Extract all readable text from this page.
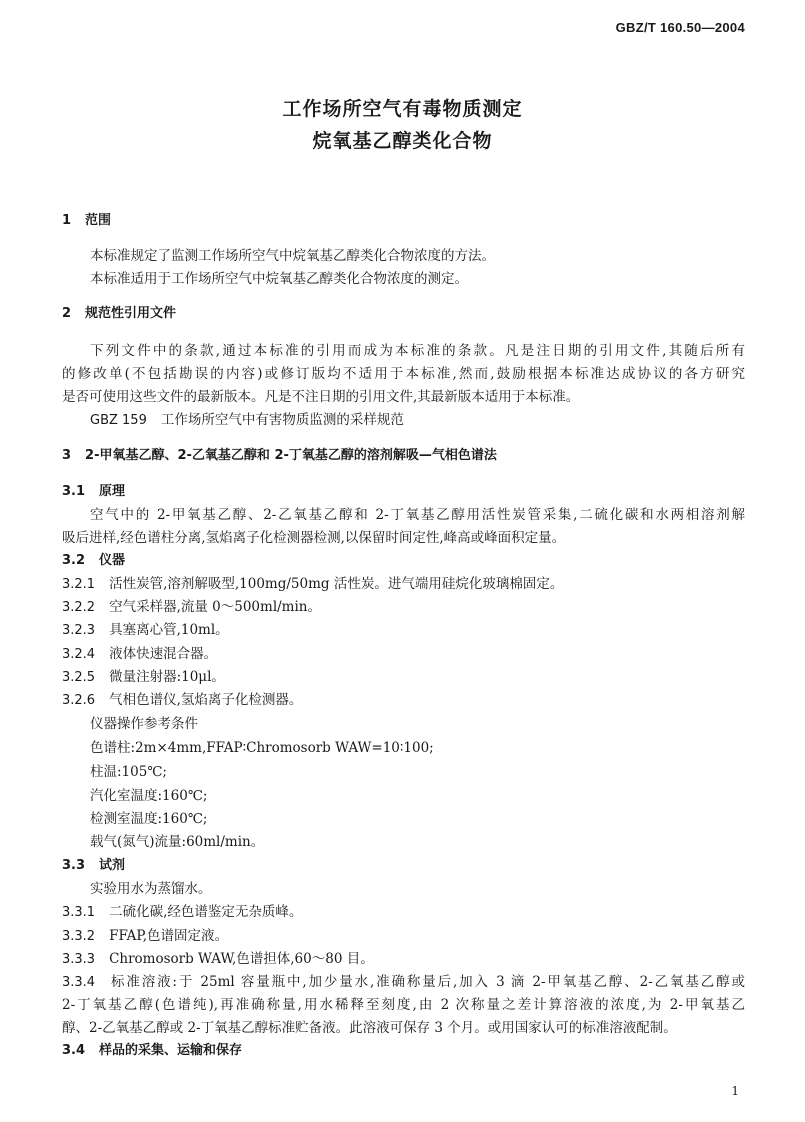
GBZ/T 160.50—2004
工作场所空气有毒物质测定
烷氧基乙醇类化合物
1 范围
本标准规定了监测工作场所空气中烷氧基乙醇类化合物浓度的方法。
本标准适用于工作场所空气中烷氧基乙醇类化合物浓度的测定。
2 规范性引用文件
下列文件中的条款,通过本标准的引用而成为本标准的条款。凡是注日期的引用文件,其随后所有
的修改单(不包括勘误的内容)或修订版均不适用于本标准,然而,鼓励根据本标准达成协议的各方研究
是否可使用这些文件的最新版本。凡是不注日期的引用文件,其最新版本适用于本标准。
GBZ 159 工作场所空气中有害物质监测的采样规范
3 2-甲氧基乙醇、2-乙氧基乙醇和 2-丁氧基乙醇的溶剂解吸—气相色谱法
3.1 原理
空气中的 2-甲氧基乙醇、2-乙氧基乙醇和 2-丁氧基乙醇用活性炭管采集,二硫化碳和水两相溶剂解
吸后进样,经色谱柱分离,氢焰离子化检测器检测,以保留时间定性,峰高或峰面积定量。
3.2 仪器
3.2.1 活性炭管,溶剂解吸型,100mg/50mg 活性炭。进气端用硅烷化玻璃棉固定。
3.2.2 空气采样器,流量 0～500ml/min。
3.2.3 具塞离心管,10ml。
3.2.4 液体快速混合器。
3.2.5 微量注射器:10μl。
3.2.6 气相色谱仪,氢焰离子化检测器。
仪器操作参考条件
色谱柱:2m×4mm,FFAP∶Chromosorb WAW=10∶100;
柱温:105℃;
汽化室温度:160℃;
检测室温度:160℃;
载气(氮气)流量:60ml/min。
3.3 试剂
实验用水为蒸馏水。
3.3.1 二硫化碳,经色谱鉴定无杂质峰。
3.3.2 FFAP,色谱固定液。
3.3.3 Chromosorb WAW,色谱担体,60～80 目。
3.3.4 标准溶液:于 25ml 容量瓶中,加少量水,准确称量后,加入 3 滴 2-甲氧基乙醇、2-乙氧基乙醇或
2-丁氧基乙醇(色谱纯),再准确称量,用水稀释至刻度,由 2 次称量之差计算溶液的浓度,为 2-甲氧基乙
醇、2-乙氧基乙醇或 2-丁氧基乙醇标准贮备液。此溶液可保存 3 个月。或用国家认可的标准溶液配制。
3.4 样品的采集、运输和保存
1
